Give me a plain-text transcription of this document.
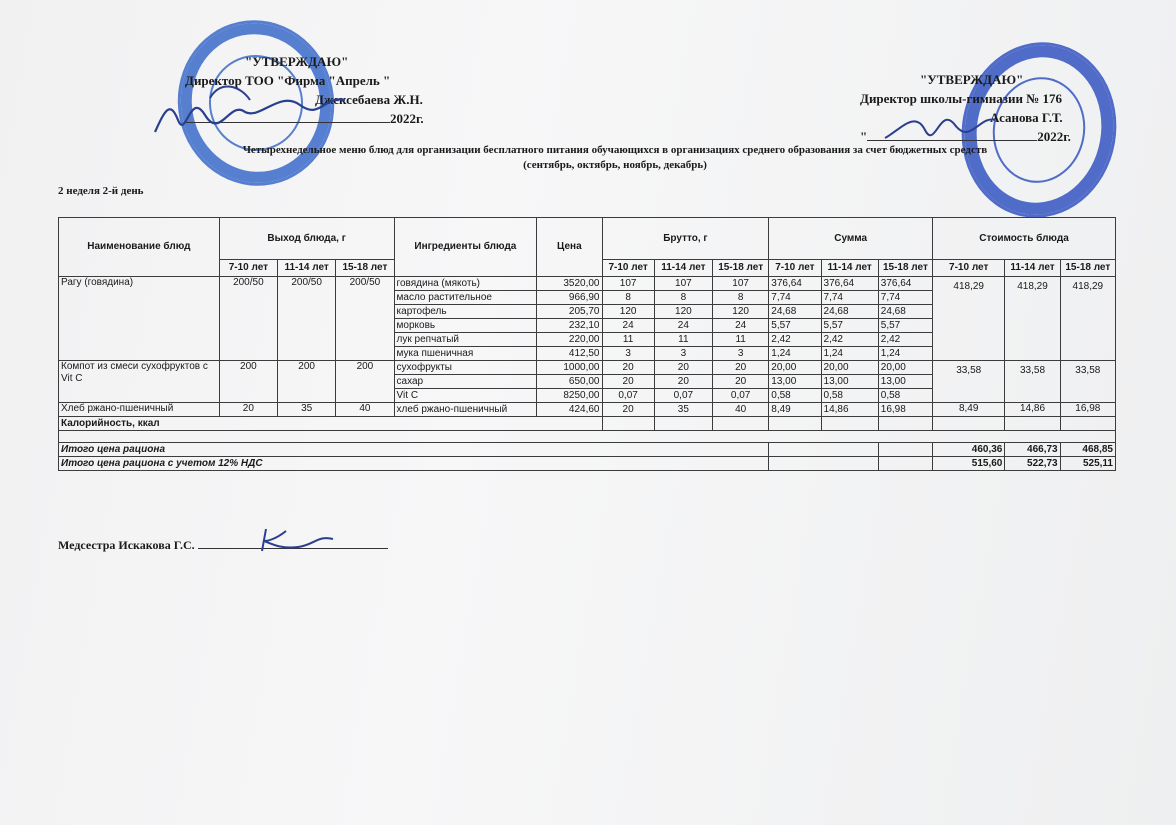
"УТВЕРЖДАЮ"
Директор ТОО "Фирма "Апрель "
Джексебаева Ж.Н.
2022г.
"УТВЕРЖДАЮ"
Директор школы-гимназии № 176
Асанова Г.Т.
"	2022г.
Четырехнедельное меню блюд для организации бесплатного питания обучающихся в организациях среднего образования за счет бюджетных средств
(сентябрь, октябрь, ноябрь, декабрь)
2 неделя 2-й день
Наименование блюд	Выход блюда, г			Ингредиенты блюда	Цена	Брутто, г			Сумма			Стоимость блюда		

	7-10 лет	11-14 лет	15-18 лет			7-10 лет	11-14 лет	15-18 лет	7-10 лет	11-14 лет	15-18 лет	7-10 лет	11-14 лет	15-18 лет
Рагу (говядина)	200/50	200/50	200/50	говядина (мякоть)	3520,00	107	107	107	376,64	376,64	376,64	418,29	418,29	418,29
				масло растительное	966,90	8	8	8	7,74	7,74	7,74			
				картофель	205,70	120	120	120	24,68	24,68	24,68			
				морковь	232,10	24	24	24	5,57	5,57	5,57			
				лук репчатый	220,00	11	11	11	2,42	2,42	2,42			
				мука пшеничная	412,50	3	3	3	1,24	1,24	1,24			
Компот из смеси сухофруктов с Vit C	200	200	200	сухофрукты	1000,00	20	20	20	20,00	20,00	20,00	33,58	33,58	33,58
				сахар	650,00	20	20	20	13,00	13,00	13,00			
				Vit C	8250,00	0,07	0,07	0,07	0,58	0,58	0,58			
Хлеб ржано-пшеничный	20	35	40	хлеб ржано-пшеничный	424,60	20	35	40	8,49	14,86	16,98	8,49	14,86	16,98
Калорийность, ккал														

Итого цена рациона												460,36	466,73	468,85
Итого цена рациона с учетом 12% НДС												515,60	522,73	525,11
Медсестра Искакова Г.С.
